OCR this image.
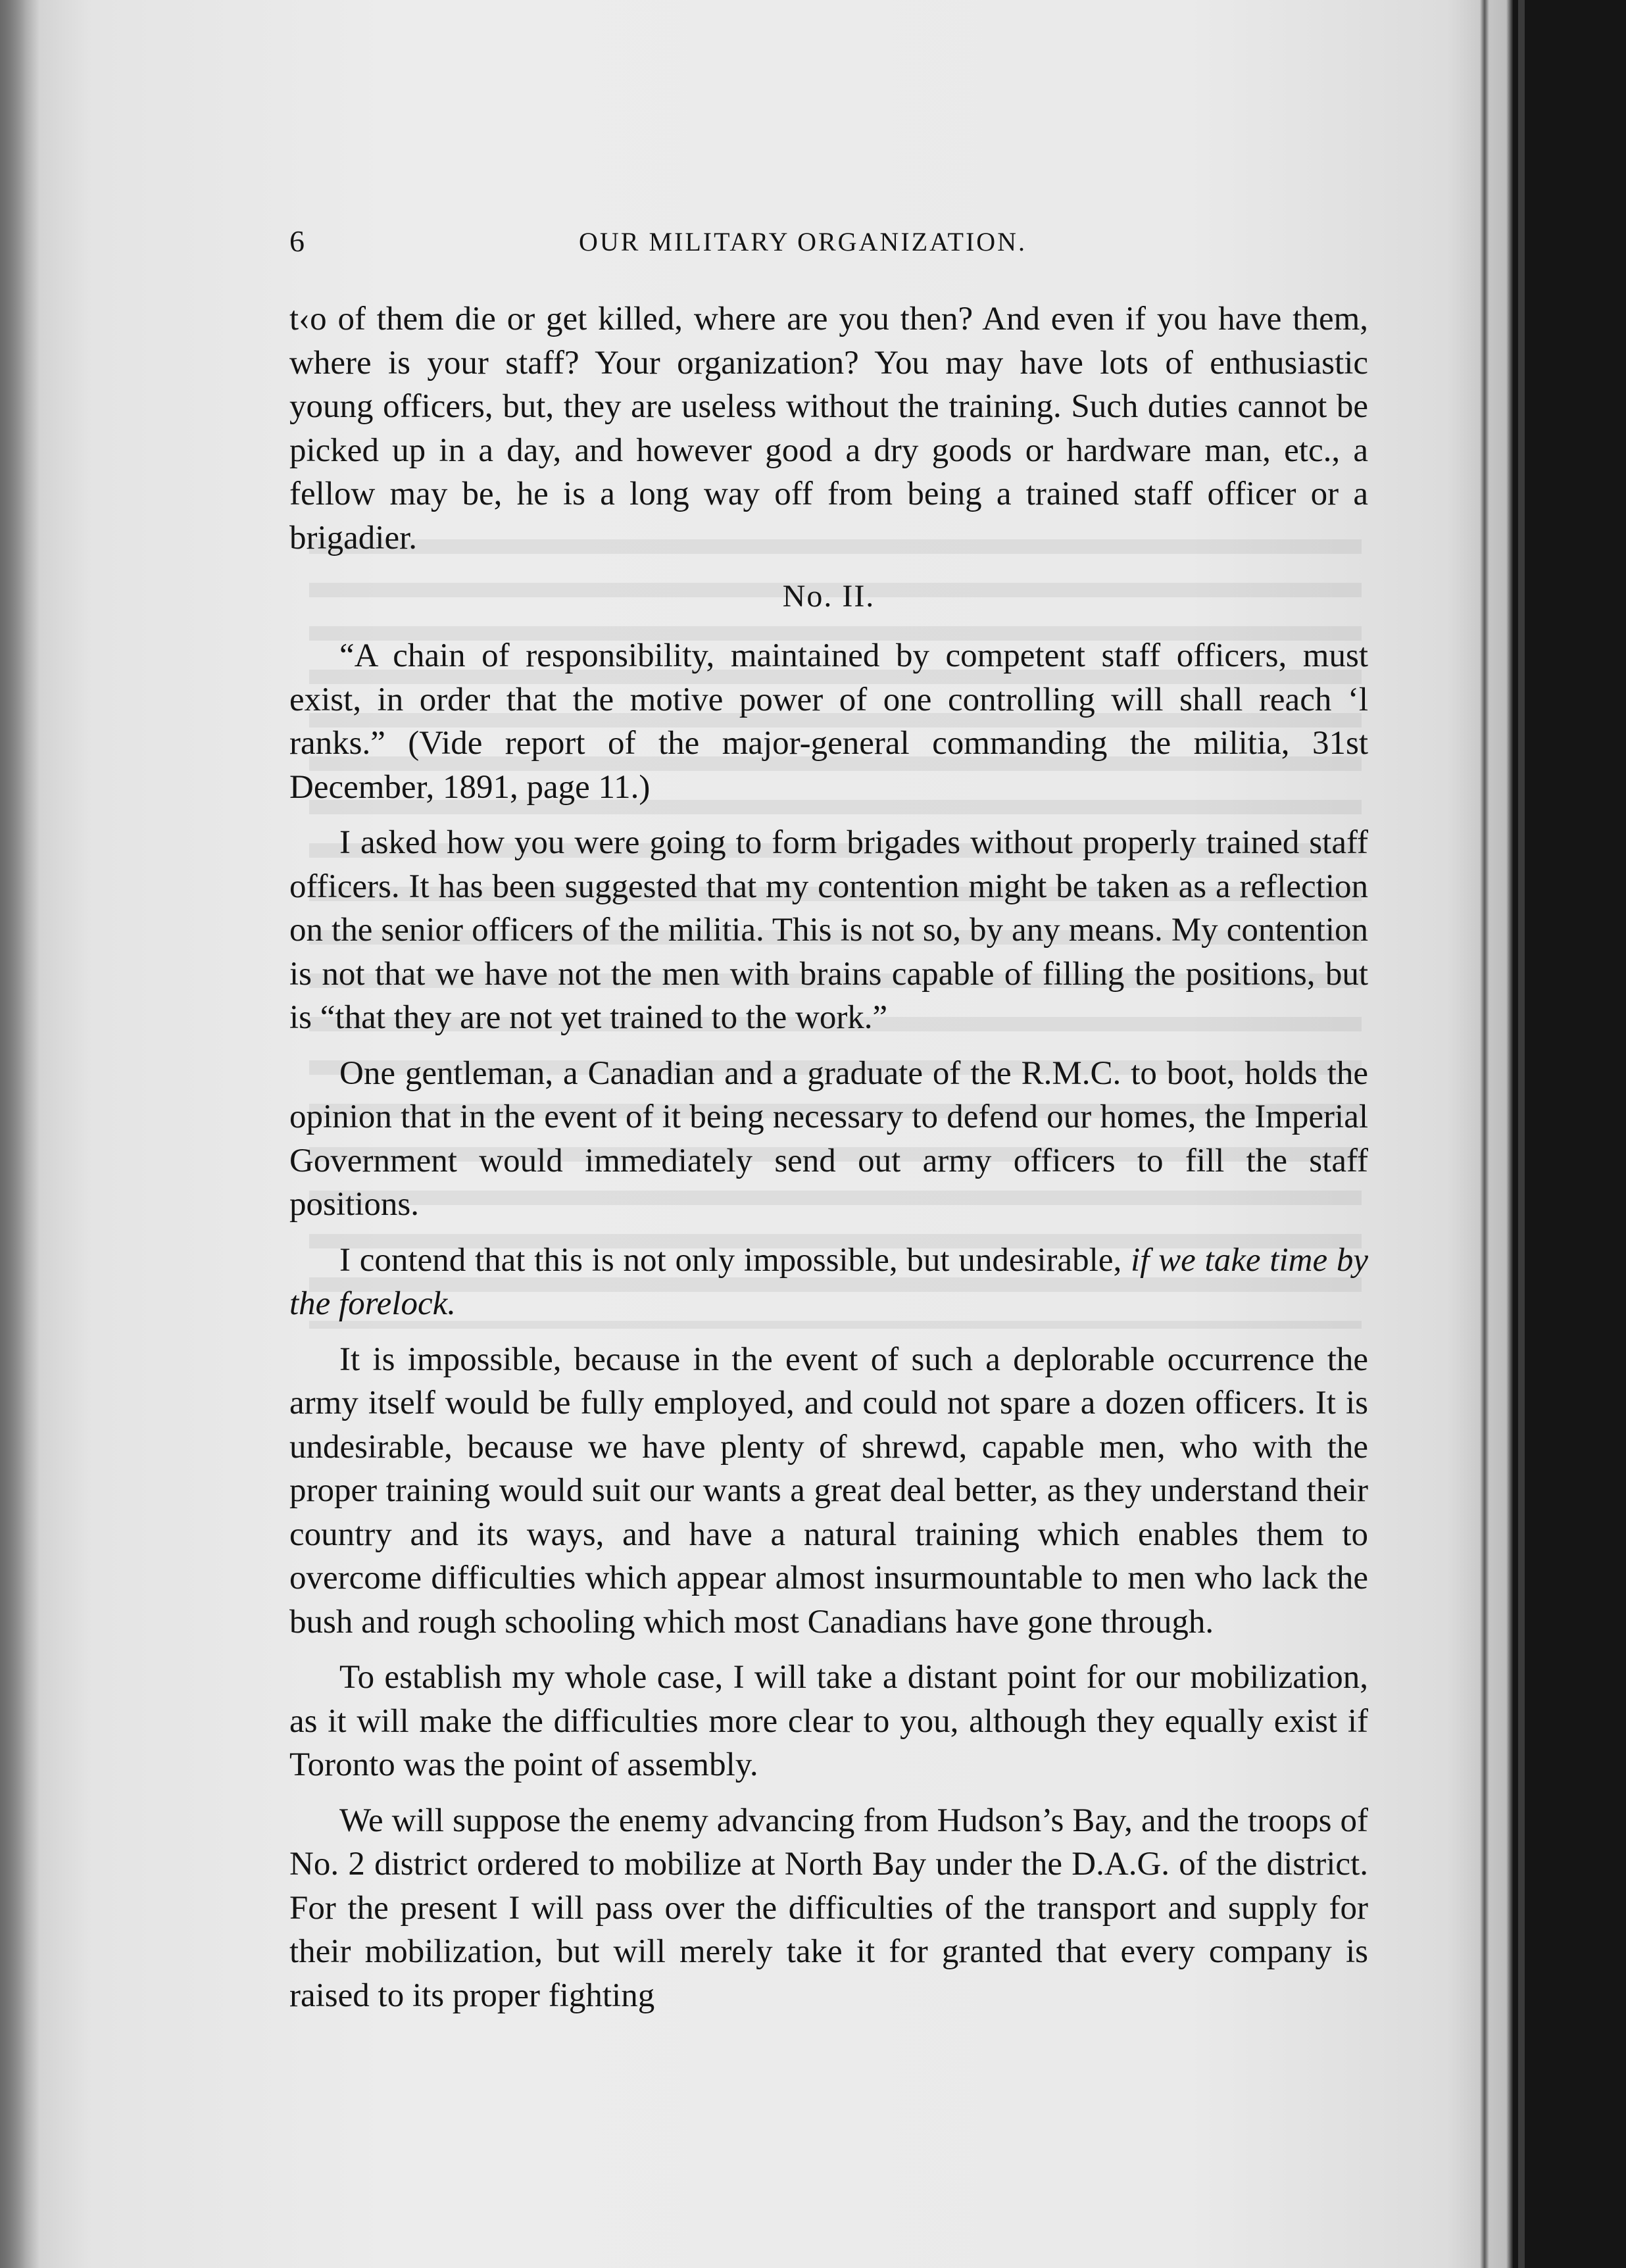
6	OUR MILITARY ORGANIZATION.

t‹o of them die or get killed, where are you then? And even if you have them, where is your staff? Your organization? You may have lots of enthusiastic young officers, but, they are useless without the training. Such duties cannot be picked up in a day, and however good a dry goods or hardware man, etc., a fellow may be, he is a long way off from being a trained staff officer or a brigadier.

No. II.

“A chain of responsibility, maintained by competent staff officers, must exist, in order that the motive power of one controlling will shall reach ‘l ranks.” (Vide report of the major-general commanding the militia, 31st December, 1891, page 11.)

I asked how you were going to form brigades without properly trained staff officers. It has been suggested that my contention might be taken as a reflection on the senior officers of the militia. This is not so, by any means. My contention is not that we have not the men with brains capable of filling the positions, but is “that they are not yet trained to the work.”

One gentleman, a Canadian and a graduate of the R.M.C. to boot, holds the opinion that in the event of it being necessary to defend our homes, the Imperial Government would immediately send out army officers to fill the staff positions.

I contend that this is not only impossible, but undesirable, if we take time by the forelock.

It is impossible, because in the event of such a deplorable occurrence the army itself would be fully employed, and could not spare a dozen officers. It is undesirable, because we have plenty of shrewd, capable men, who with the proper training would suit our wants a great deal better, as they understand their country and its ways, and have a natural training which enables them to overcome difficulties which appear almost insurmountable to men who lack the bush and rough schooling which most Canadians have gone through.

To establish my whole case, I will take a distant point for our mobilization, as it will make the difficulties more clear to you, although they equally exist if Toronto was the point of assembly.

We will suppose the enemy advancing from Hudson’s Bay, and the troops of No. 2 district ordered to mobilize at North Bay under the D.A.G. of the district. For the present I will pass over the difficulties of the transport and supply for their mobilization, but will merely take it for granted that every company is raised to its proper fighting
